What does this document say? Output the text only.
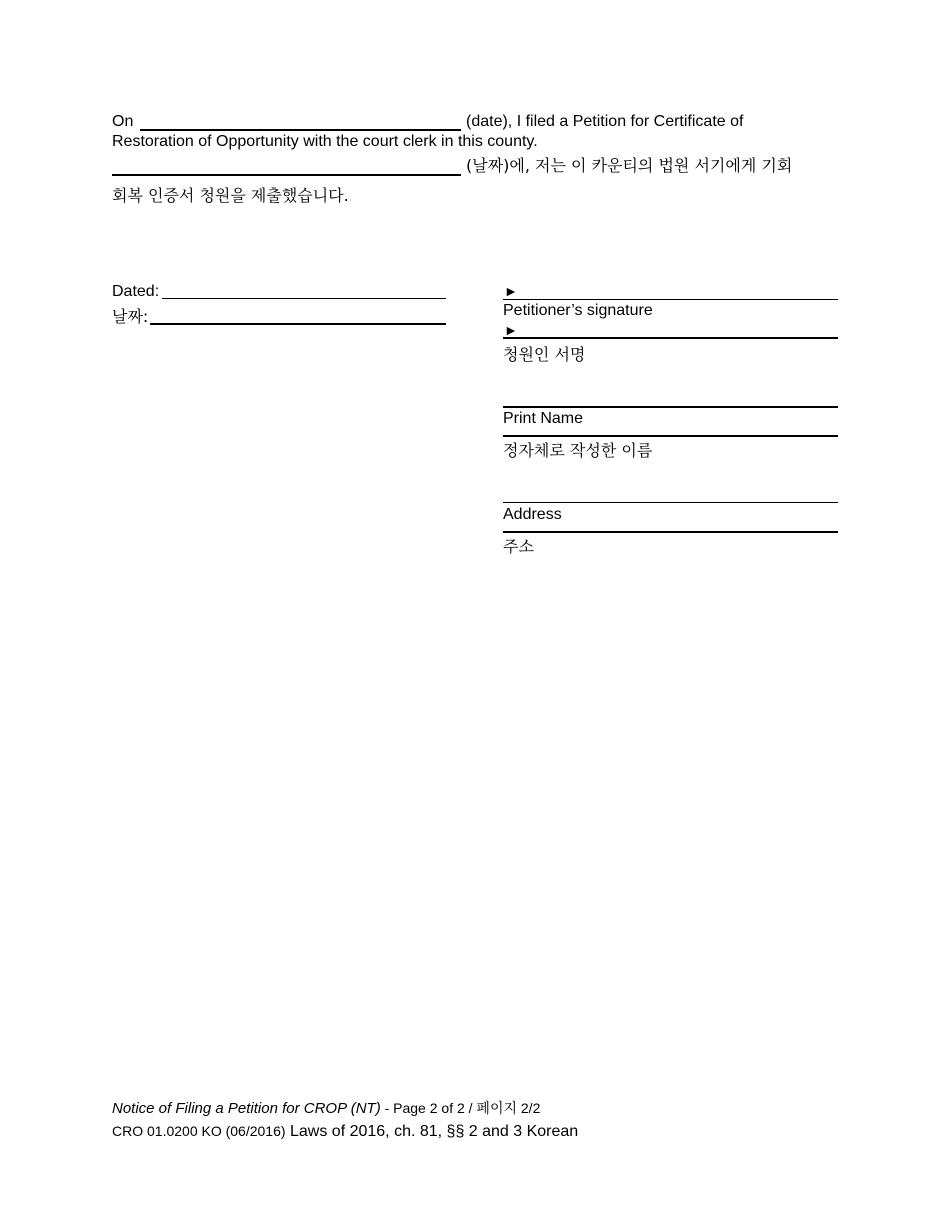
On	(date), I filed a Petition for Certificate of
Restoration of Opportunity with the court clerk in this county.
(날짜)에, 저는 이 카운티의 법원 서기에게 기회
회복 인증서 청원을 제출했습니다.
Dated:
날짜:
►
Petitioner’s signature
►
청원인 서명
Print Name
정자체로 작성한 이름
Address
주소
Notice of Filing a Petition for CROP (NT) - Page 2 of 2 / 페이지 2/2
CRO 01.0200 KO (06/2016) Laws of 2016, ch. 81, §§ 2 and 3 Korean
